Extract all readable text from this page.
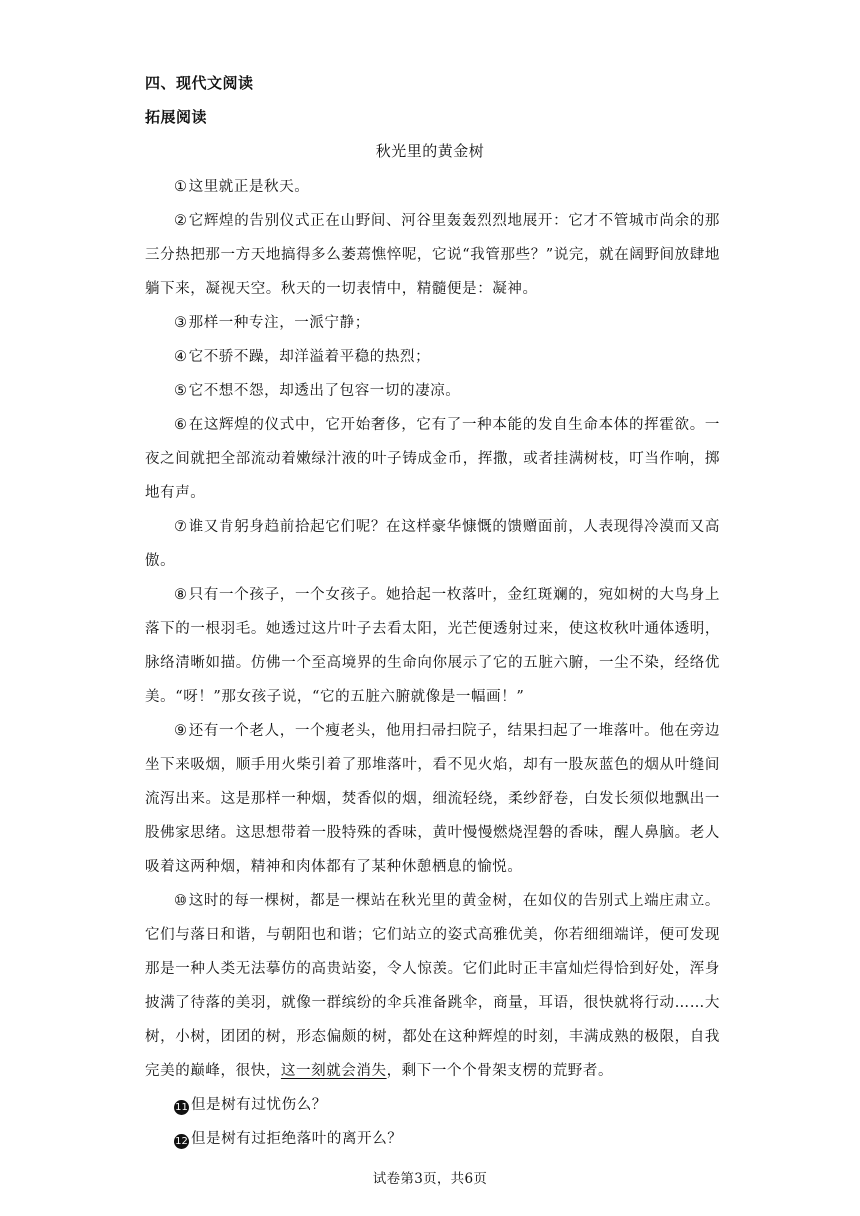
四、现代文阅读
拓展阅读
秋光里的黄金树

①这里就正是秋天。

②它辉煌的告别仪式正在山野间、河谷里轰轰烈烈地展开：它才不管城市尚余的那三分热把那一方天地搞得多么萎蔫憔悴呢，它说“我管那些？”说完，就在阔野间放肆地躺下来，凝视天空。秋天的一切表情中，精髓便是：凝神。

③那样一种专注，一派宁静；

④它不骄不躁，却洋溢着平稳的热烈；

⑤它不想不怨，却透出了包容一切的凄凉。

⑥在这辉煌的仪式中，它开始奢侈，它有了一种本能的发自生命本体的挥霍欲。一夜之间就把全部流动着嫩绿汁液的叶子铸成金币，挥撒，或者挂满树枝，叮当作响，掷地有声。

⑦谁又肯躬身趋前拾起它们呢？在这样豪华慷慨的馈赠面前，人表现得冷漠而又高傲。

⑧只有一个孩子，一个女孩子。她拾起一枚落叶，金红斑斓的，宛如树的大鸟身上落下的一根羽毛。她透过这片叶子去看太阳，光芒便透射过来，使这枚秋叶通体透明，脉络清晰如描。仿佛一个至高境界的生命向你展示了它的五脏六腑，一尘不染，经络优美。“呀！”那女孩子说，“它的五脏六腑就像是一幅画！”

⑨还有一个老人，一个瘦老头，他用扫帚扫院子，结果扫起了一堆落叶。他在旁边坐下来吸烟，顺手用火柴引着了那堆落叶，看不见火焰，却有一股灰蓝色的烟从叶缝间流泻出来。这是那样一种烟，焚香似的烟，细流轻绕，柔纱舒卷，白发长须似地飘出一股佛家思绪。这思想带着一股特殊的香味，黄叶慢慢燃烧涅磐的香味，醒人鼻脑。老人吸着这两种烟，精神和肉体都有了某种休憩栖息的愉悦。

⑩这时的每一棵树，都是一棵站在秋光里的黄金树，在如仪的告别式上端庄肃立。它们与落日和谐，与朝阳也和谐；它们站立的姿式高雅优美，你若细细端详，便可发现那是一种人类无法摹仿的高贵站姿，令人惊羡。它们此时正丰富灿烂得恰到好处，浑身披满了待落的美羽，就像一群缤纷的伞兵准备跳伞，商量，耳语，很快就将行动……大树，小树，团团的树，形态偏颇的树，都处在这种辉煌的时刻，丰满成熟的极限，自我完美的巅峰，很快，这一刻就会消失，剩下一个个骨架支楞的荒野者。

11 但是树有过忧伤么？

12 但是树有过拒绝落叶的离开么？

试卷第3页，共6页
